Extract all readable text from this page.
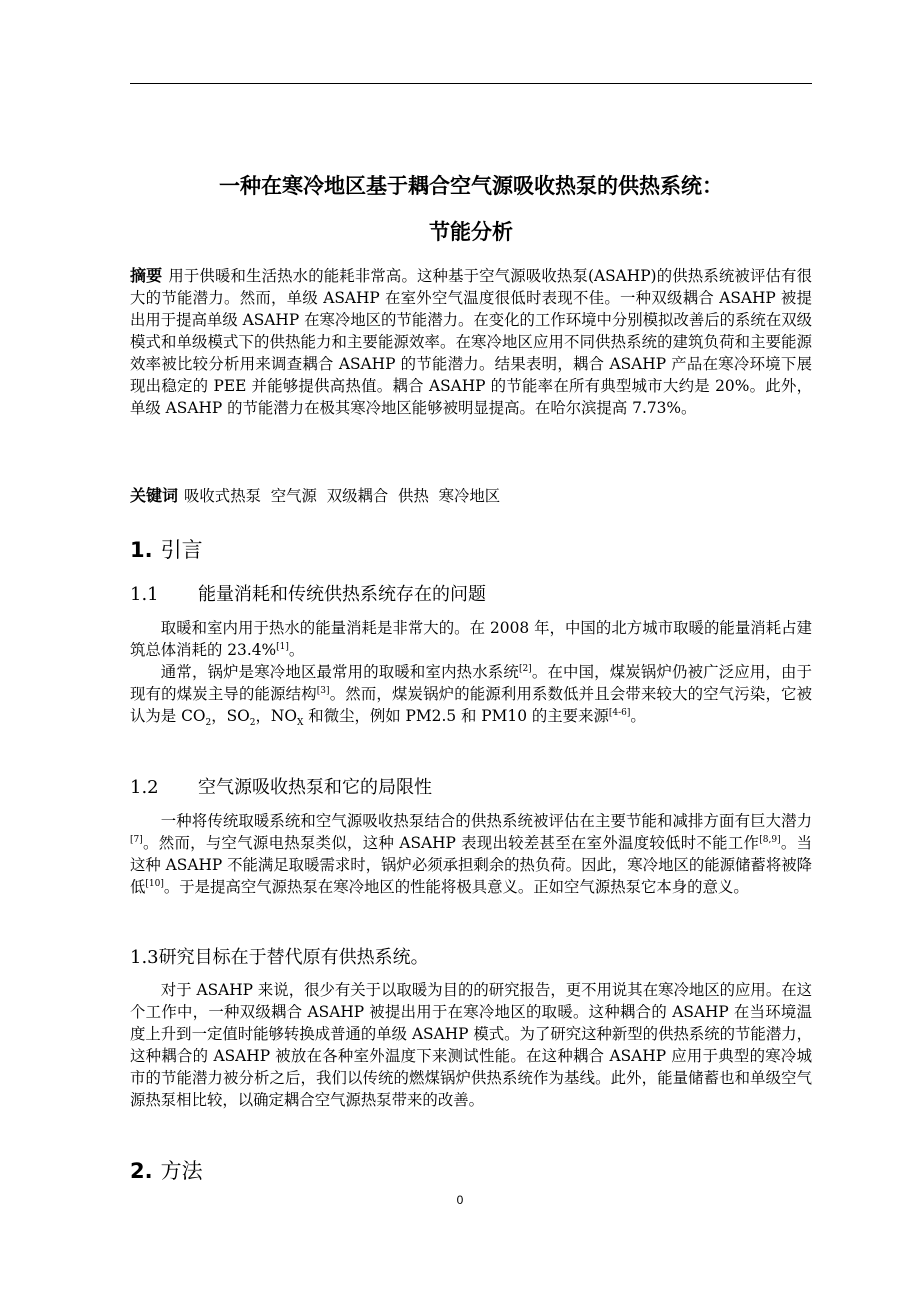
一种在寒冷地区基于耦合空气源吸收热泵的供热系统：
节能分析
摘要 用于供暖和生活热水的能耗非常高。这种基于空气源吸收热泵(ASAHP)的供热系统被评估有很大的节能潜力。然而，单级 ASAHP 在室外空气温度很低时表现不佳。一种双级耦合 ASAHP 被提出用于提高单级 ASAHP 在寒冷地区的节能潜力。在变化的工作环境中分别模拟改善后的系统在双级模式和单级模式下的供热能力和主要能源效率。在寒冷地区应用不同供热系统的建筑负荷和主要能源效率被比较分析用来调查耦合 ASAHP 的节能潜力。结果表明，耦合 ASAHP 产品在寒冷环境下展现出稳定的 PEE 并能够提供高热值。耦合 ASAHP 的节能率在所有典型城市大约是 20%。此外，单级 ASAHP 的节能潜力在极其寒冷地区能够被明显提高。在哈尔滨提高 7.73%。
关键词 吸收式热泵  空气源  双级耦合  供热  寒冷地区
1. 引言
1.1 能量消耗和传统供热系统存在的问题
取暖和室内用于热水的能量消耗是非常大的。在 2008 年，中国的北方城市取暖的能量消耗占建筑总体消耗的 23.4%[1]。
通常，锅炉是寒冷地区最常用的取暖和室内热水系统[2]。在中国，煤炭锅炉仍被广泛应用，由于现有的煤炭主导的能源结构[3]。然而，煤炭锅炉的能源利用系数低并且会带来较大的空气污染，它被认为是 $CO_2$，$SO_2$，$NO_X$ 和微尘，例如 PM2.5 和 PM10 的主要来源[4-6]。
1.2 空气源吸收热泵和它的局限性
一种将传统取暖系统和空气源吸收热泵结合的供热系统被评估在主要节能和减排方面有巨大潜力[7]。然而，与空气源电热泵类似，这种 ASAHP 表现出较差甚至在室外温度较低时不能工作[8,9]。当这种 ASAHP 不能满足取暖需求时，锅炉必须承担剩余的热负荷。因此，寒冷地区的能源储蓄将被降低[10]。于是提高空气源热泵在寒冷地区的性能将极具意义。正如空气源热泵它本身的意义。
1.3研究目标在于替代原有供热系统。
对于 ASAHP 来说，很少有关于以取暖为目的的研究报告，更不用说其在寒冷地区的应用。在这个工作中，一种双级耦合 ASAHP 被提出用于在寒冷地区的取暖。这种耦合的 ASAHP 在当环境温度上升到一定值时能够转换成普通的单级 ASAHP 模式。为了研究这种新型的供热系统的节能潜力，这种耦合的 ASAHP 被放在各种室外温度下来测试性能。在这种耦合 ASAHP 应用于典型的寒冷城市的节能潜力被分析之后，我们以传统的燃煤锅炉供热系统作为基线。此外，能量储蓄也和单级空气源热泵相比较，以确定耦合空气源热泵带来的改善。
2. 方法
0
